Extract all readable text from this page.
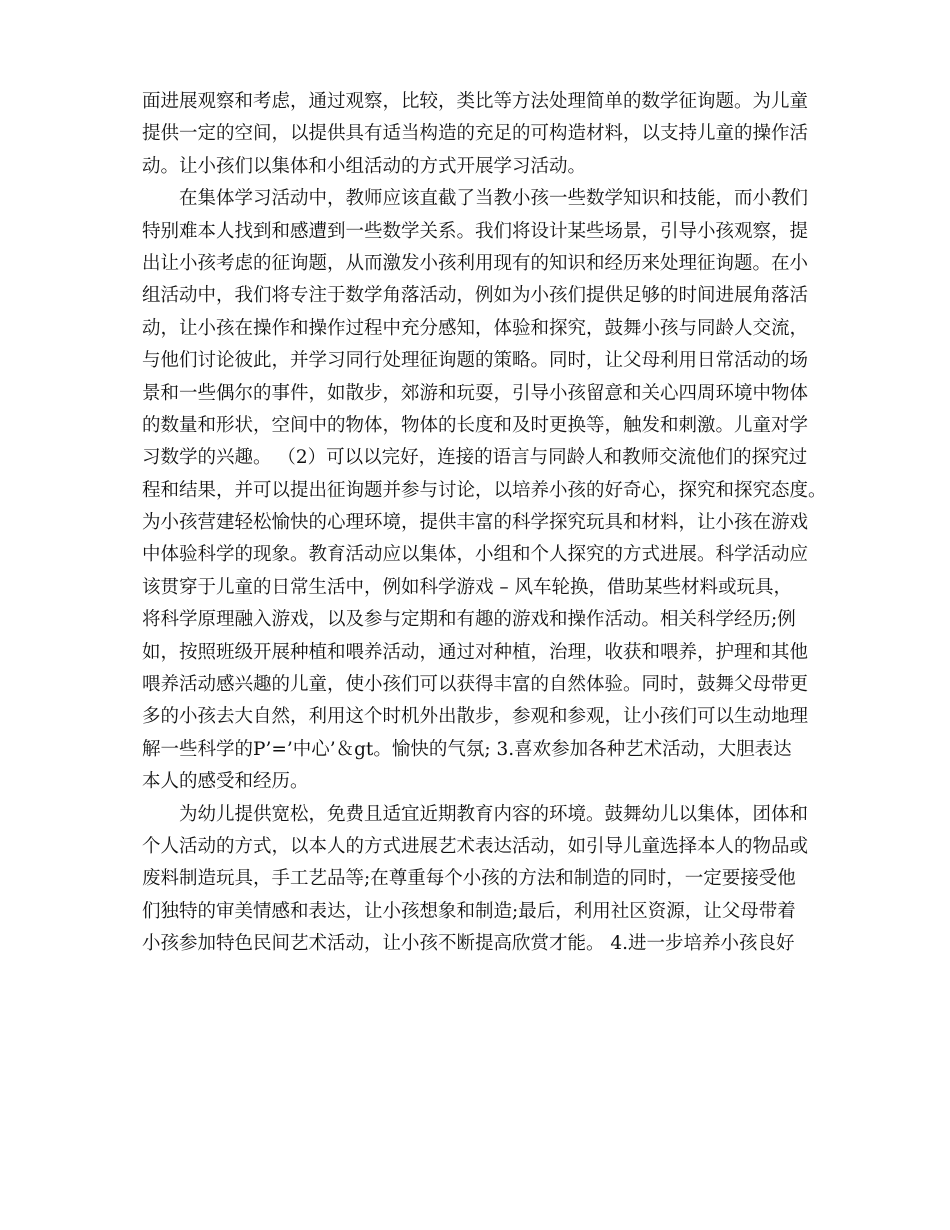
面进展观察和考虑，通过观察，比较，类比等方法处理简单的数学征询题。为儿童
提供一定的空间，以提供具有适当构造的充足的可构造材料，以支持儿童的操作活
动。让小孩们以集体和小组活动的方式开展学习活动。
在集体学习活动中，教师应该直截了当教小孩一些数学知识和技能，而小教们
特别难本人找到和感遭到一些数学关系。我们将设计某些场景，引导小孩观察，提
出让小孩考虑的征询题，从而激发小孩利用现有的知识和经历来处理征询题。在小
组活动中，我们将专注于数学角落活动，例如为小孩们提供足够的时间进展角落活
动，让小孩在操作和操作过程中充分感知，体验和探究，鼓舞小孩与同龄人交流，
与他们讨论彼此，并学习同行处理征询题的策略。同时，让父母利用日常活动的场
景和一些偶尔的事件，如散步，郊游和玩耍，引导小孩留意和关心四周环境中物体
的数量和形状，空间中的物体，物体的长度和及时更换等，触发和刺激。儿童对学
习数学的兴趣。 （2）可以以完好，连接的语言与同龄人和教师交流他们的探究过
程和结果，并可以提出征询题并参与讨论，以培养小孩的好奇心，探究和探究态度。
为小孩营建轻松愉快的心理环境，提供丰富的科学探究玩具和材料，让小孩在游戏
中体验科学的现象。教育活动应以集体，小组和个人探究的方式进展。科学活动应
该贯穿于儿童的日常生活中，例如科学游戏 – 风车轮换，借助某些材料或玩具，
将科学原理融入游戏，以及参与定期和有趣的游戏和操作活动。相关科学经历;例
如，按照班级开展种植和喂养活动，通过对种植，治理，收获和喂养，护理和其他
喂养活动感兴趣的儿童，使小孩们可以获得丰富的自然体验。同时，鼓舞父母带更
多的小孩去大自然，利用这个时机外出散步，参观和参观，让小孩们可以生动地理
解一些科学的P’=’中心’＆gt。愉快的气氛; 3.喜欢参加各种艺术活动，大胆表达
本人的感受和经历。
为幼儿提供宽松，免费且适宜近期教育内容的环境。鼓舞幼儿以集体，团体和
个人活动的方式，以本人的方式进展艺术表达活动，如引导儿童选择本人的物品或
废料制造玩具，手工艺品等;在尊重每个小孩的方法和制造的同时，一定要接受他
们独特的审美情感和表达，让小孩想象和制造;最后，利用社区资源，让父母带着
小孩参加特色民间艺术活动，让小孩不断提高欣赏才能。 4.进一步培养小孩良好
